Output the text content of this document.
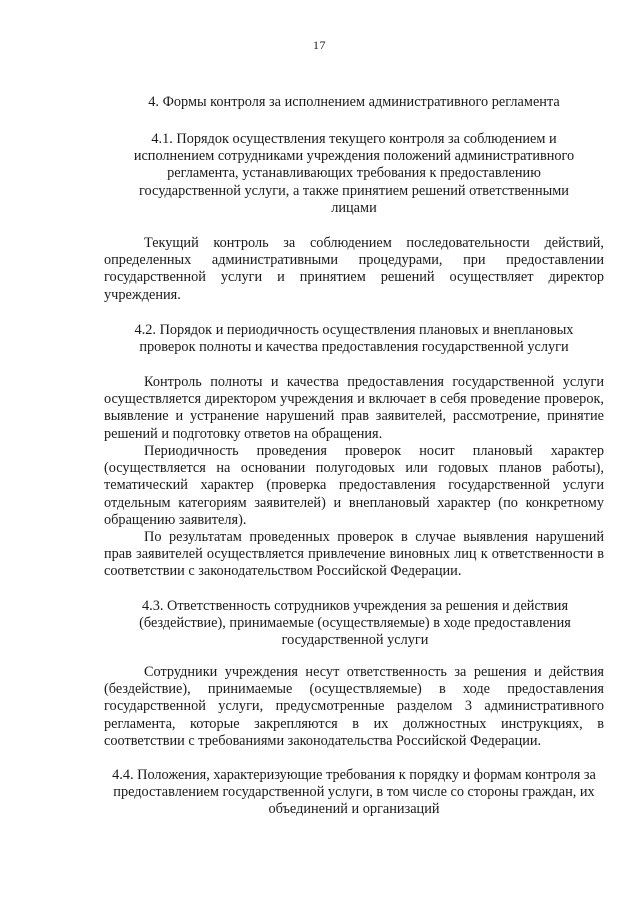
17
4. Формы контроля за исполнением административного регламента
4.1. Порядок осуществления текущего контроля за соблюдением и исполнением сотрудниками учреждения положений административного регламента, устанавливающих требования к предоставлению государственной услуги, а также принятием решений ответственными лицами
Текущий контроль за соблюдением последовательности действий, определенных административными процедурами, при предоставлении государственной услуги и принятием решений осуществляет директор учреждения.
4.2. Порядок и периодичность осуществления плановых и внеплановых проверок полноты и качества предоставления государственной услуги
Контроль полноты и качества предоставления государственной услуги осуществляется директором учреждения и включает в себя проведение проверок, выявление и устранение нарушений прав заявителей, рассмотрение, принятие решений и подготовку ответов на обращения.
Периодичность проведения проверок носит плановый характер (осуществляется на основании полугодовых или годовых планов работы), тематический характер (проверка предоставления государственной услуги отдельным категориям заявителей) и внеплановый характер (по конкретному обращению заявителя).
По результатам проведенных проверок в случае выявления нарушений прав заявителей осуществляется привлечение виновных лиц к ответственности в соответствии с законодательством Российской Федерации.
4.3. Ответственность сотрудников учреждения за решения и действия (бездействие), принимаемые (осуществляемые) в ходе предоставления государственной услуги
Сотрудники учреждения несут ответственность за решения и действия (бездействие), принимаемые (осуществляемые) в ходе предоставления государственной услуги, предусмотренные разделом 3 административного регламента, которые закрепляются в их должностных инструкциях, в соответствии с требованиями законодательства Российской Федерации.
4.4. Положения, характеризующие требования к порядку и формам контроля за предоставлением государственной услуги, в том числе со стороны граждан, их объединений и организаций
